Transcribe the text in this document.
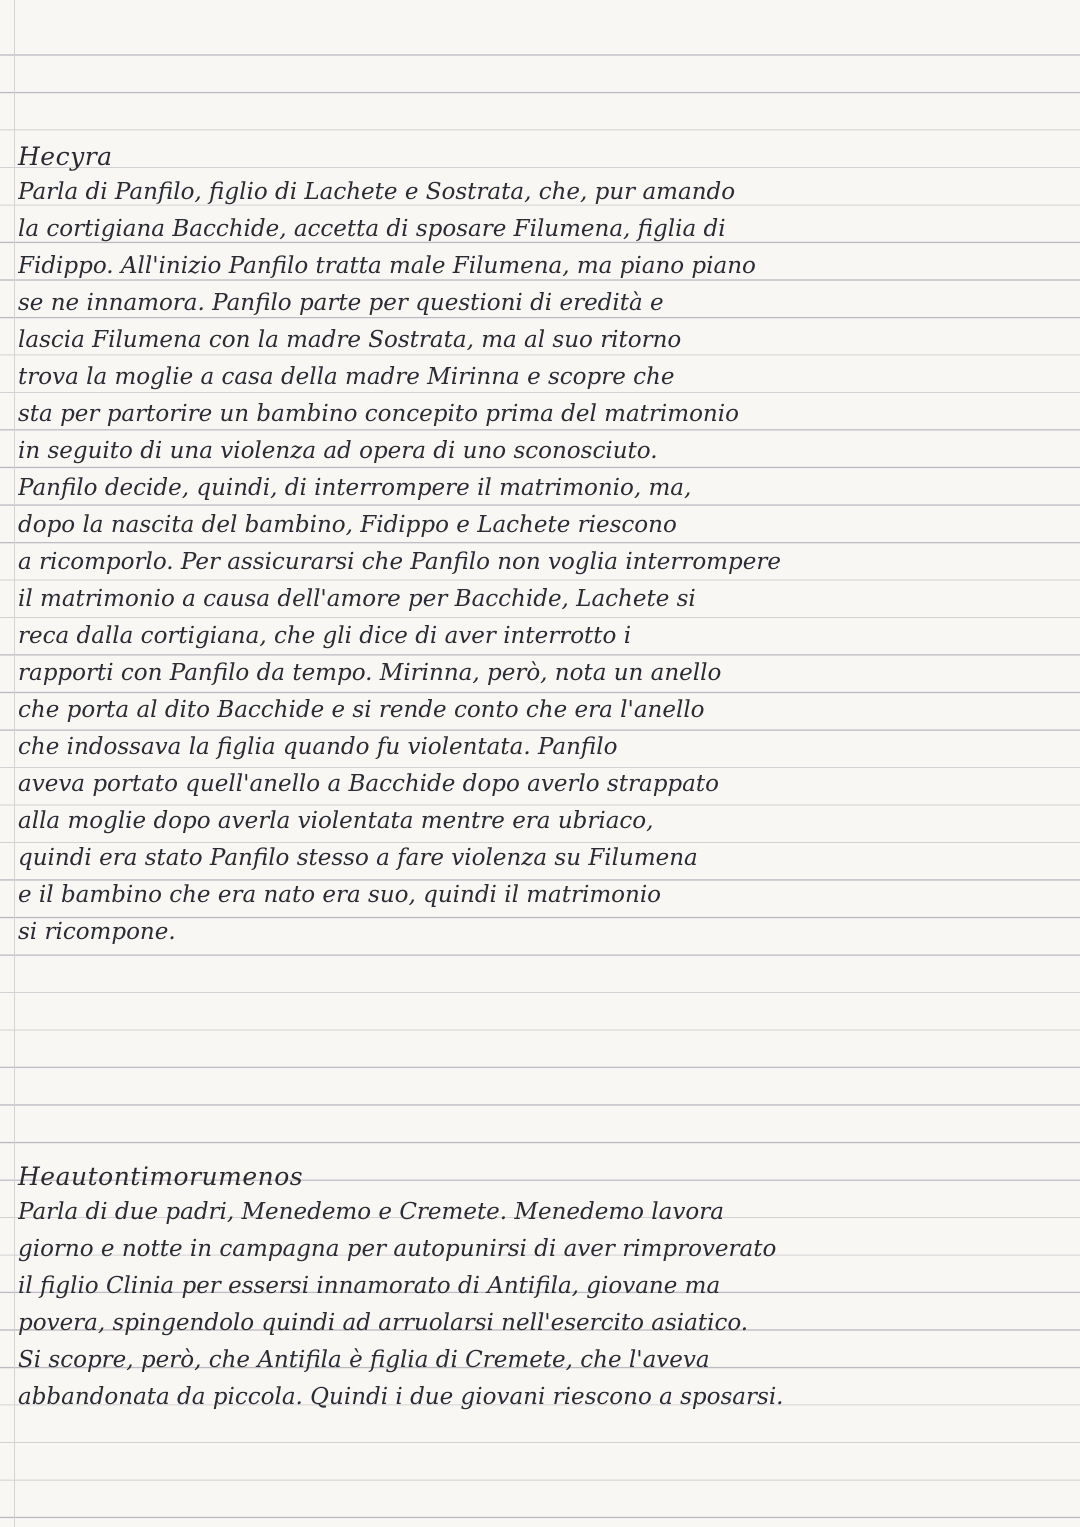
Hecyra
Parla di Panfilo, figlio di Lachete e Sostrata, che, pur amando
la cortigiana Bacchide, accetta di sposare Filumena, figlia di
Fidippo. All'inizio Panfilo tratta male Filumena, ma piano piano
se ne innamora. Panfilo parte per questioni di eredità e
lascia Filumena con la madre Sostrata, ma al suo ritorno
trova la moglie a casa della madre Mirinna e scopre che
sta per partorire un bambino concepito prima del matrimonio
in seguito di una violenza ad opera di uno sconosciuto.
Panfilo decide, quindi, di interrompere il matrimonio, ma,
dopo la nascita del bambino, Fidippo e Lachete riescono
a ricomporlo. Per assicurarsi che Panfilo non voglia interrompere
il matrimonio a causa dell'amore per Bacchide, Lachete si
reca dalla cortigiana, che gli dice di aver interrotto i
rapporti con Panfilo da tempo. Mirinna, però, nota un anello
che porta al dito Bacchide e si rende conto che era l'anello
che indossava la figlia quando fu violentata. Panfilo
aveva portato quell'anello a Bacchide dopo averlo strappato
alla moglie dopo averla violentata mentre era ubriaco,
quindi era stato Panfilo stesso a fare violenza su Filumena
e il bambino che era nato era suo, quindi il matrimonio
si ricompone.
Heautontimorumenos
Parla di due padri, Menedemo e Cremete. Menedemo lavora
giorno e notte in campagna per autopunirsi di aver rimproverato
il figlio Clinia per essersi innamorato di Antifila, giovane ma
povera, spingendolo quindi ad arruolarsi nell'esercito asiatico.
Si scopre, però, che Antifila è figlia di Cremete, che l'aveva
abbandonata da piccola. Quindi i due giovani riescono a sposarsi.
